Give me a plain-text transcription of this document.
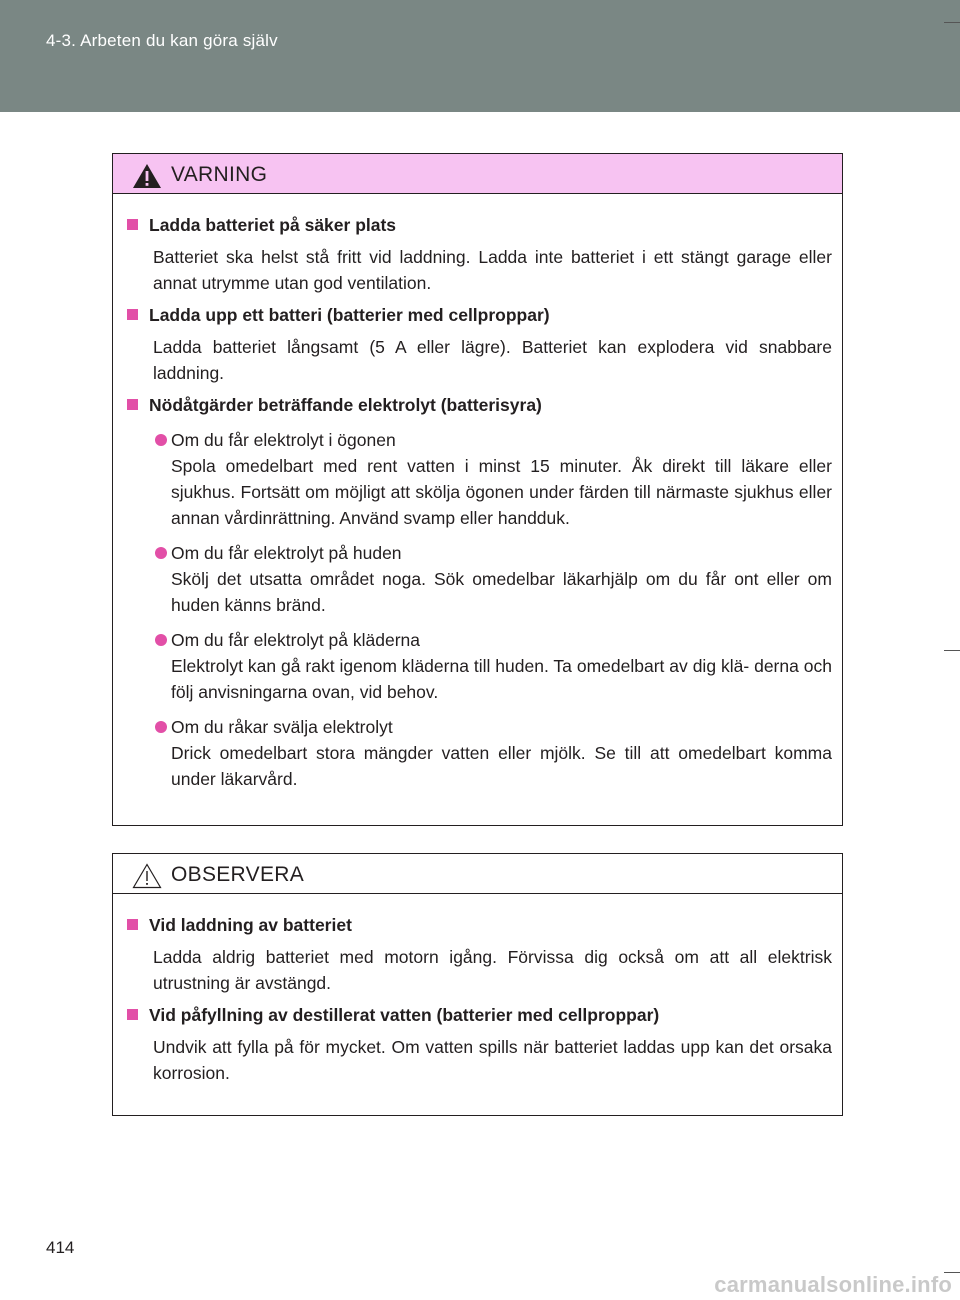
4-3. Arbeten du kan göra själv
VARNING
Ladda batteriet på säker plats
Batteriet ska helst stå fritt vid laddning. Ladda inte batteriet i ett stängt garage eller annat utrymme utan god ventilation.
Ladda upp ett batteri (batterier med cellproppar)
Ladda batteriet långsamt (5 A eller lägre). Batteriet kan explodera vid snabbare laddning.
Nödåtgärder beträffande elektrolyt (batterisyra)
Om du får elektrolyt i ögonen
Spola omedelbart med rent vatten i minst 15 minuter. Åk direkt till läkare eller sjukhus. Fortsätt om möjligt att skölja ögonen under färden till närmaste sjukhus eller annan vårdinrättning. Använd svamp eller handduk.
Om du får elektrolyt på huden
Skölj det utsatta området noga. Sök omedelbar läkarhjälp om du får ont eller om huden känns bränd.
Om du får elektrolyt på kläderna
Elektrolyt kan gå rakt igenom kläderna till huden. Ta omedelbart av dig klä- derna och följ anvisningarna ovan, vid behov.
Om du råkar svälja elektrolyt
Drick omedelbart stora mängder vatten eller mjölk. Se till att omedelbart komma under läkarvård.
OBSERVERA
Vid laddning av batteriet
Ladda aldrig batteriet med motorn igång. Förvissa dig också om att all elektrisk utrustning är avstängd.
Vid påfyllning av destillerat vatten (batterier med cellproppar)
Undvik att fylla på för mycket. Om vatten spills när batteriet laddas upp kan det orsaka korrosion.
414
carmanualsonline.info
